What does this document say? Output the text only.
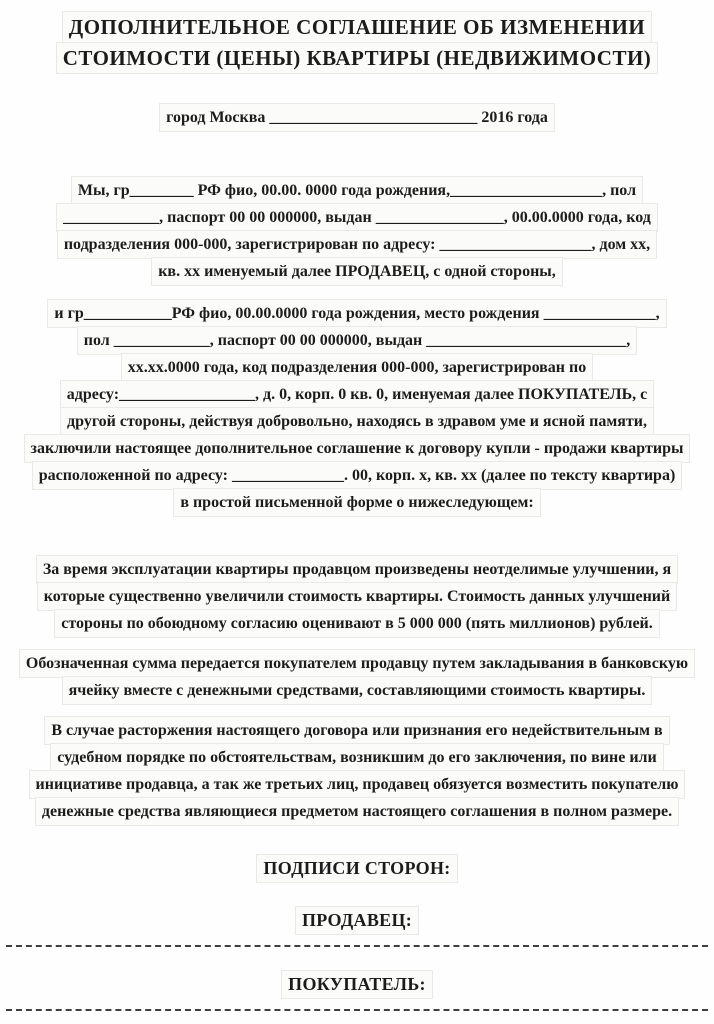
ДОПОЛНИТЕЛЬНОЕ СОГЛАШЕНИЕ ОБ ИЗМЕНЕНИИ
СТОИМОСТИ (ЦЕНЫ) КВАРТИРЫ (НЕДВИЖИМОСТИ)
город Москва __________________________ 2016 года
Мы, гр________ РФ фио, 00.00. 0000 года рождения,___________________, пол
____________, паспорт 00 00 000000, выдан ________________, 00.00.0000 года, код
подразделения 000-000, зарегистрирован по адресу: ___________________, дом хх,
кв. хх именуемый далее ПРОДАВЕЦ, с одной стороны,
и гр___________РФ фио, 00.00.0000 года рождения, место рождения ______________,
пол ____________, паспорт 00 00 000000, выдан _________________________,
хх.хх.0000 года, код подразделения 000-000, зарегистрирован по
адресу:_________________, д. 0, корп. 0 кв. 0, именуемая далее ПОКУПАТЕЛЬ, с
другой стороны, действуя добровольно, находясь в здравом уме и ясной памяти,
заключили настоящее дополнительное соглашение к договору купли - продажи квартиры
расположенной по адресу: ______________. 00, корп. х, кв. хх (далее по тексту квартира)
в простой письменной форме о нижеследующем:
За время эксплуатации квартиры продавцом произведены неотделимые улучшении, я
которые существенно увеличили стоимость квартиры. Стоимость данных улучшений
стороны по обоюдному согласию оценивают в 5 000 000 (пять миллионов) рублей.
Обозначенная сумма передается покупателем продавцу путем закладывания в банковскую
ячейку вместе с денежными средствами, составляющими стоимость квартиры.
В случае расторжения настоящего договора или признания его недействительным в
судебном порядке по обстоятельствам, возникшим до его заключения, по вине или
инициативе продавца, а так же третьих лиц, продавец обязуется возместить покупателю
денежные средства являющиеся предметом настоящего соглашения в полном размере.
ПОДПИСИ СТОРОН:
ПРОДАВЕЦ:
ПОКУПАТЕЛЬ:
